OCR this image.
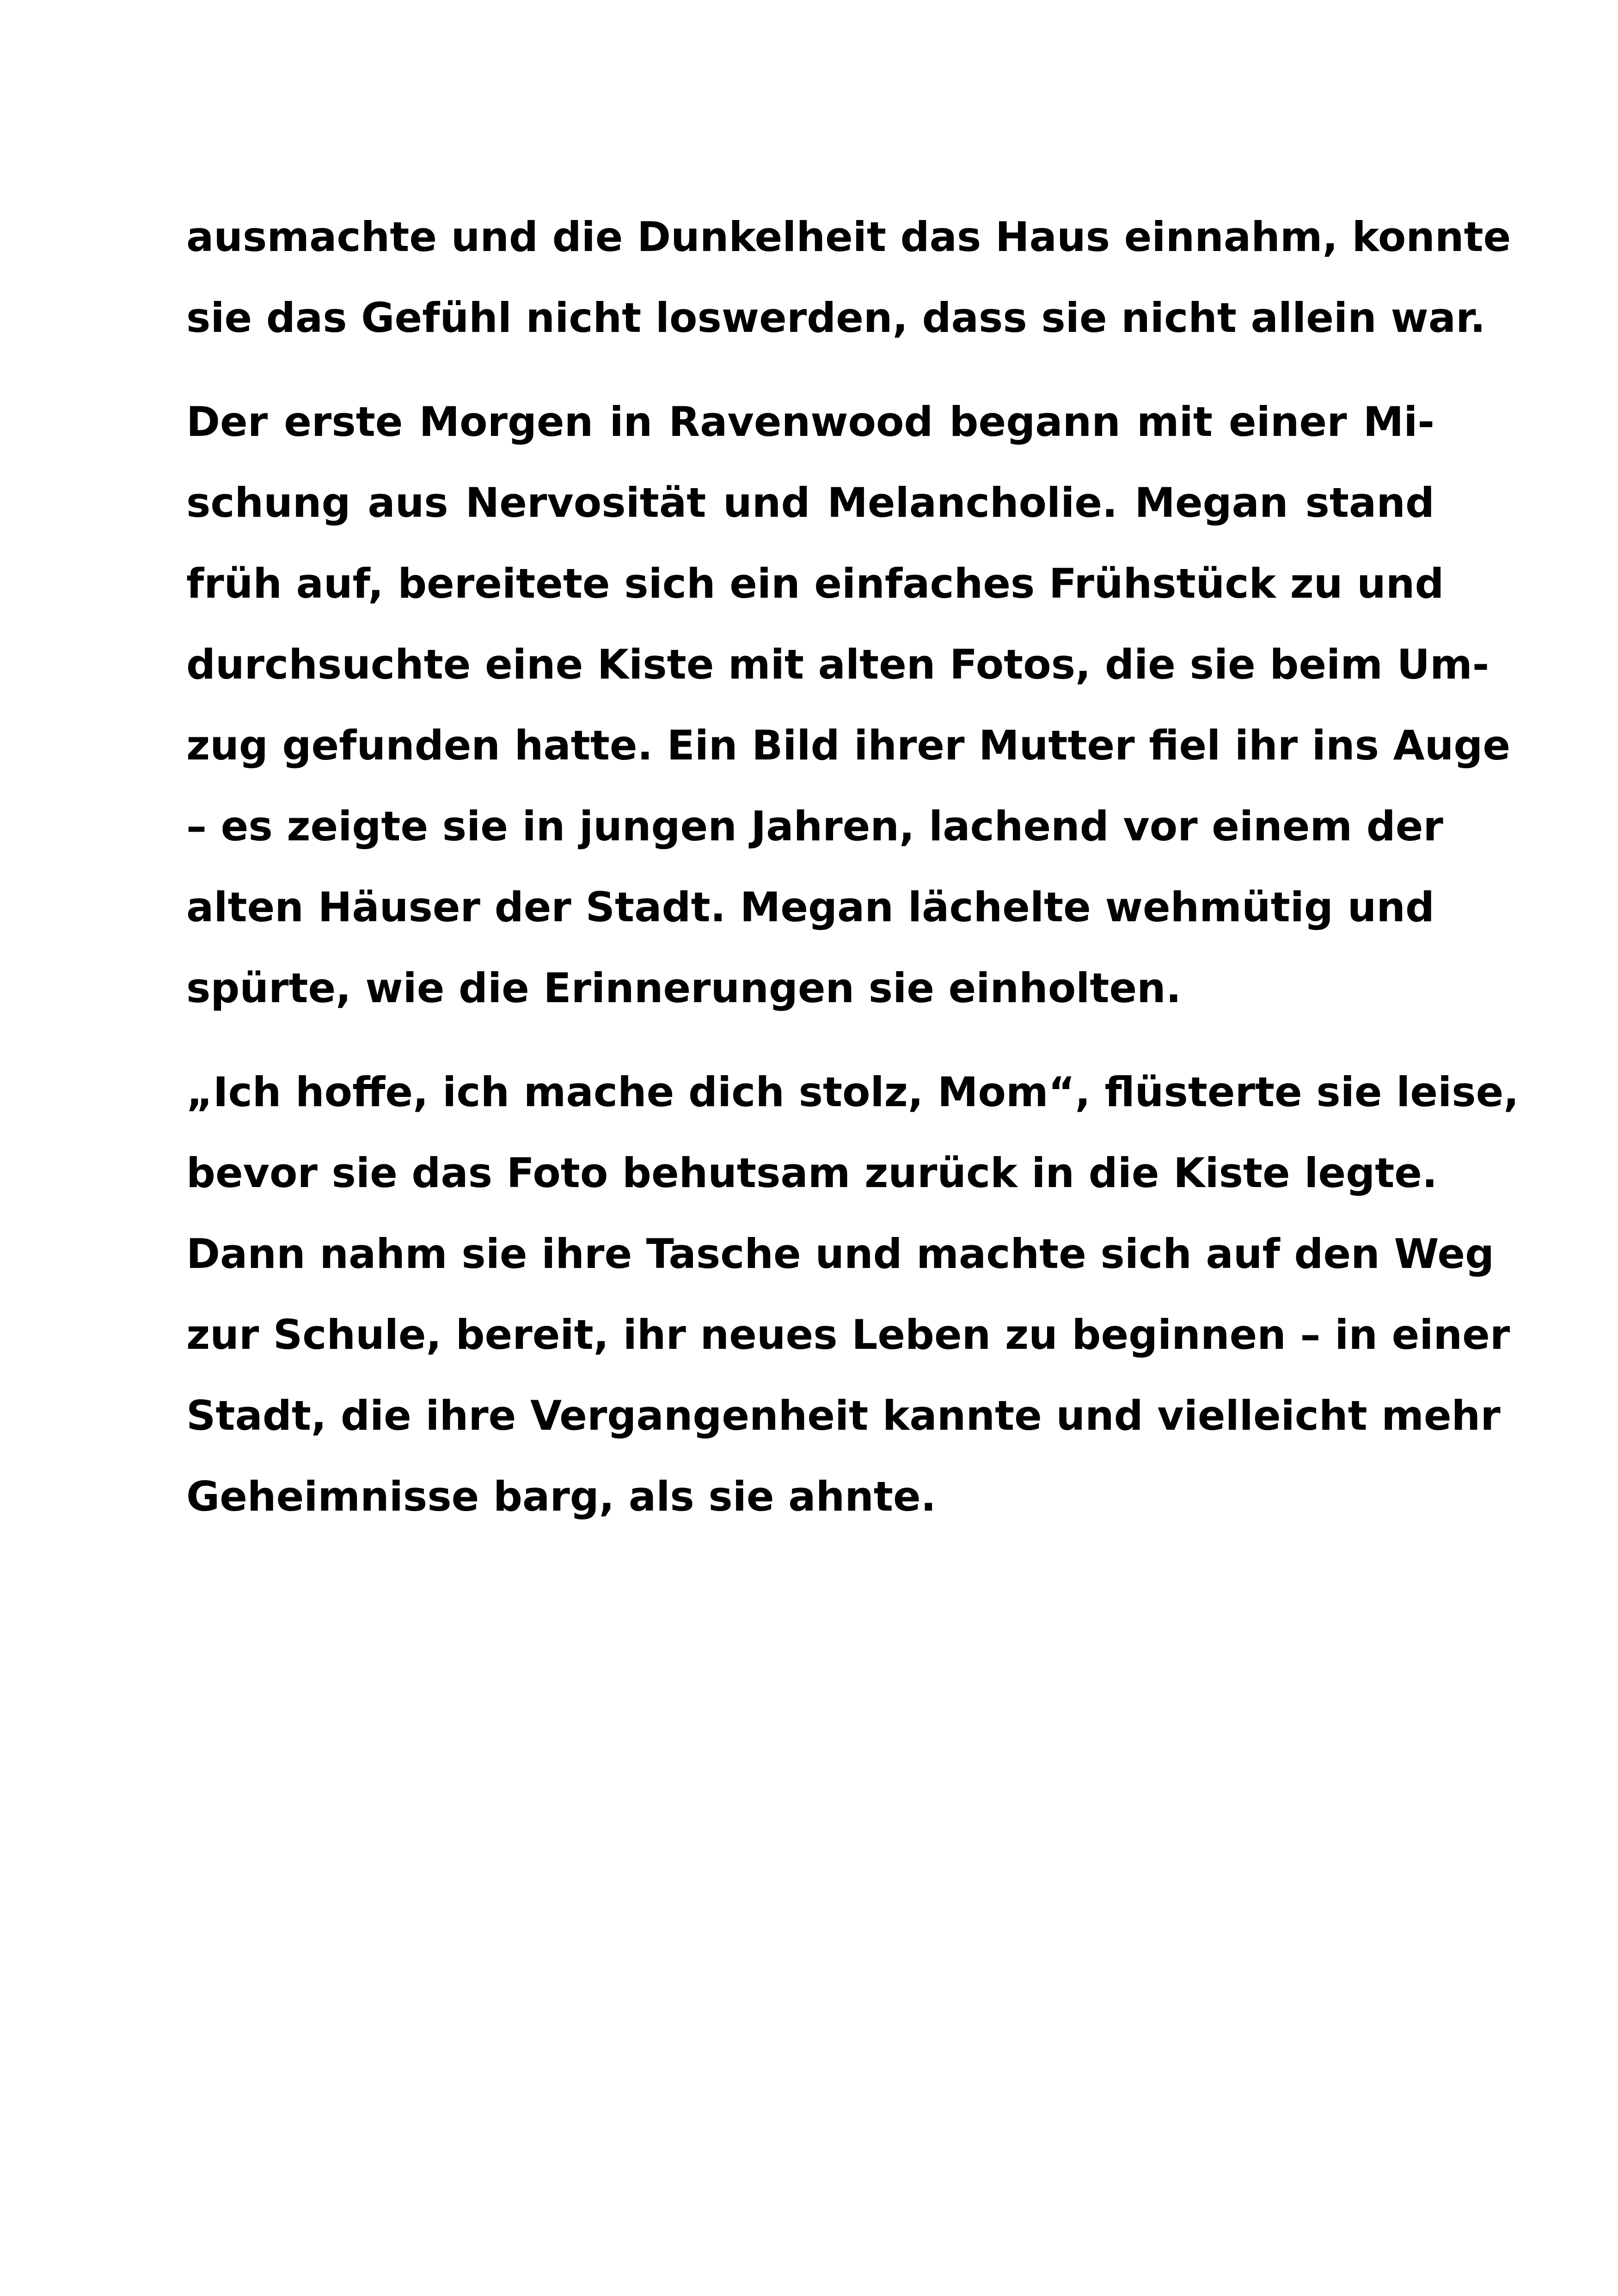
ausmachte und die Dunkelheit das Haus einnahm, konnte
sie das Gefühl nicht loswerden, dass sie nicht allein war.

Der erste Morgen in Ravenwood begann mit einer Mi-
schung aus Nervosität und Melancholie. Megan stand
früh auf, bereitete sich ein einfaches Frühstück zu und
durchsuchte eine Kiste mit alten Fotos, die sie beim Um-
zug gefunden hatte. Ein Bild ihrer Mutter fiel ihr ins Auge
– es zeigte sie in jungen Jahren, lachend vor einem der
alten Häuser der Stadt. Megan lächelte wehmütig und
spürte, wie die Erinnerungen sie einholten.

„Ich hoffe, ich mache dich stolz, Mom“, flüsterte sie leise,
bevor sie das Foto behutsam zurück in die Kiste legte.
Dann nahm sie ihre Tasche und machte sich auf den Weg
zur Schule, bereit, ihr neues Leben zu beginnen – in einer
Stadt, die ihre Vergangenheit kannte und vielleicht mehr
Geheimnisse barg, als sie ahnte.
